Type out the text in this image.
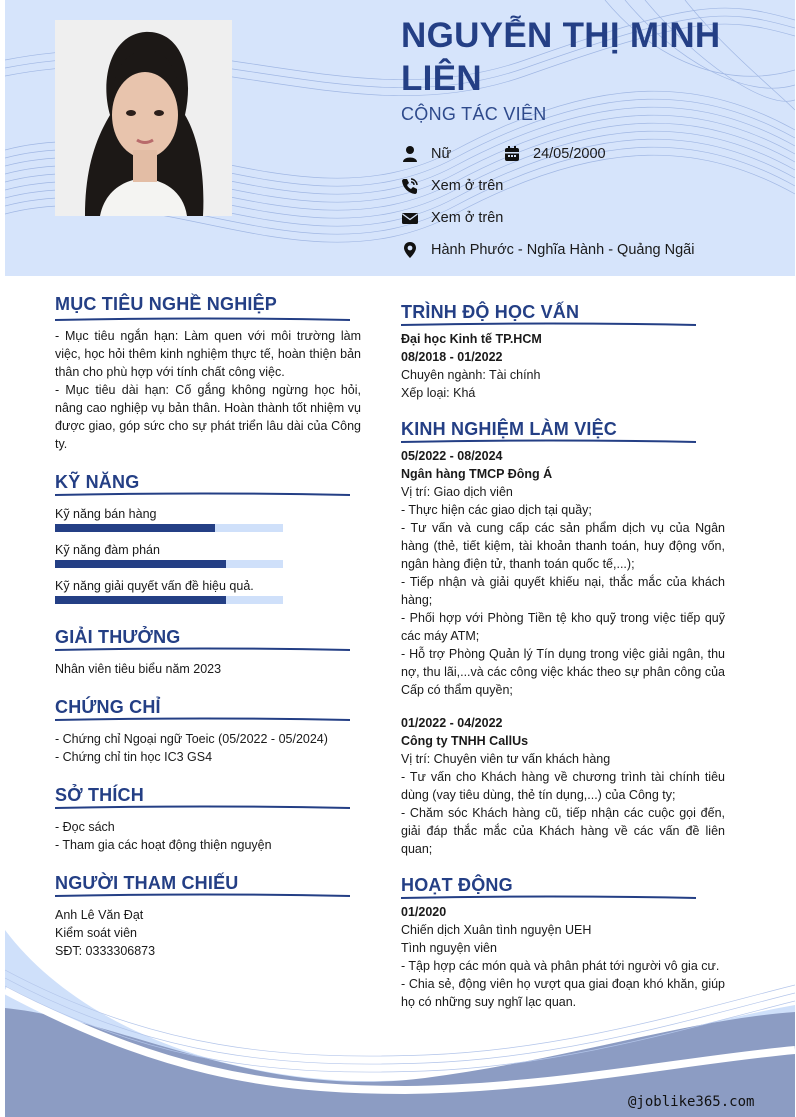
NGUYỄN THỊ MINH LIÊN
CỘNG TÁC VIÊN
Nữ	24/05/2000
Xem ở trên
Xem ở trên
Hành Phước - Nghĩa Hành - Quảng Ngãi
MỤC TIÊU NGHỀ NGHIỆP

- Mục tiêu ngắn hạn: Làm quen với môi trường làm việc, học hỏi thêm kinh nghiệm thực tế, hoàn thiện bản thân cho phù hợp với tính chất công việc.

- Mục tiêu dài hạn: Cố gắng không ngừng học hỏi, nâng cao nghiệp vụ bản thân. Hoàn thành tốt nhiệm vụ được giao, góp sức cho sự phát triển lâu dài của Công ty.

KỸ NĂNG
Kỹ năng bán hàng
Kỹ năng đàm phán
Kỹ năng giải quyết vấn đề hiệu quả.
GIẢI THƯỞNG

Nhân viên tiêu biểu năm 2023

CHỨNG CHỈ

- Chứng chỉ Ngoại ngữ Toeic (05/2022 - 05/2024)

- Chứng chỉ tin học IC3 GS4

SỞ THÍCH

- Đọc sách

- Tham gia các hoạt động thiện nguyện

NGƯỜI THAM CHIẾU

Anh Lê Văn Đạt

Kiểm soát viên

SĐT: 0333306873

TRÌNH ĐỘ HỌC VẤN

Đại học Kinh tế TP.HCM

08/2018 - 01/2022

Chuyên ngành: Tài chính

Xếp loại: Khá

KINH NGHIỆM LÀM VIỆC

05/2022 - 08/2024

Ngân hàng TMCP Đông Á

Vị trí: Giao dịch viên

- Thực hiện các giao dịch tại quầy;

- Tư vấn và cung cấp các sản phẩm dịch vụ của Ngân hàng (thẻ, tiết kiệm, tài khoản thanh toán, huy động vốn, ngân hàng điện tử, thanh toán quốc tế,...);

- Tiếp nhận và giải quyết khiếu nại, thắc mắc của khách hàng;

- Phối hợp với Phòng Tiền tệ kho quỹ trong việc tiếp quỹ các máy ATM;

- Hỗ trợ Phòng Quản lý Tín dụng trong việc giải ngân, thu nợ, thu lãi,...và các công việc khác theo sự phân công của Cấp có thẩm quyền;

01/2022 - 04/2022

Công ty TNHH CallUs

Vị trí: Chuyên viên tư vấn khách hàng

- Tư vấn cho Khách hàng về chương trình tài chính tiêu dùng (vay tiêu dùng, thẻ tín dụng,...) của Công ty;

- Chăm sóc Khách hàng cũ, tiếp nhận các cuộc gọi đến, giải đáp thắc mắc của Khách hàng về các vấn đề liên quan;

HOẠT ĐỘNG

01/2020

Chiến dịch Xuân tình nguyện UEH

Tình nguyện viên

- Tập hợp các món quà và phân phát tới người vô gia cư.

- Chia sẻ, động viên họ vượt qua giai đoạn khó khăn, giúp họ có những suy nghĩ lạc quan.

@joblike365.com
